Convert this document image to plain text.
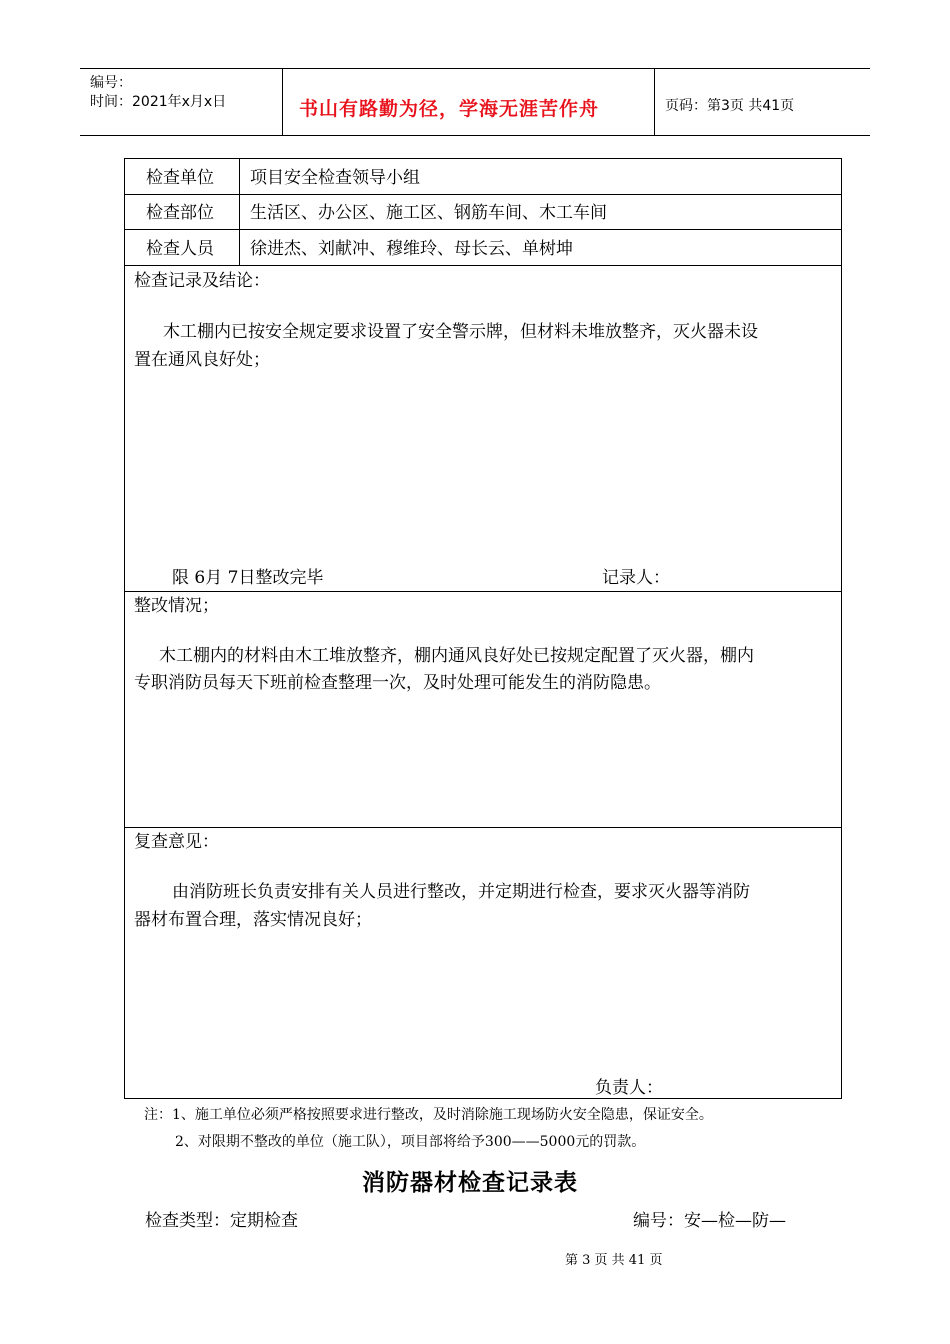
编号：
时间：2021年x月x日	书山有路勤为径，学海无涯苦作舟	页码：第3页 共41页
检查单位 项目安全检查领导小组
检查部位 生活区、办公区、施工区、钢筋车间、木工车间
检查人员 徐进杰、刘献冲、穆维玲、母长云、单树坤
检查记录及结论：
木工棚内已按安全规定要求设置了安全警示牌，但材料未堆放整齐，灭火器未设
置在通风良好处；
限 6月 7日整改完毕	记录人：
整改情况；
木工棚内的材料由木工堆放整齐，棚内通风良好处已按规定配置了灭火器，棚内
专职消防员每天下班前检查整理一次，及时处理可能发生的消防隐患。
复查意见：
由消防班长负责安排有关人员进行整改，并定期进行检查，要求灭火器等消防
器材布置合理，落实情况良好；
负责人：
注：1、施工单位必须严格按照要求进行整改，及时消除施工现场防火安全隐患，保证安全。
2、对限期不整改的单位（施工队），项目部将给予300——5000元的罚款。
消防器材检查记录表
检查类型：定期检查	编号：安—检—防—
第 3 页 共 41 页
